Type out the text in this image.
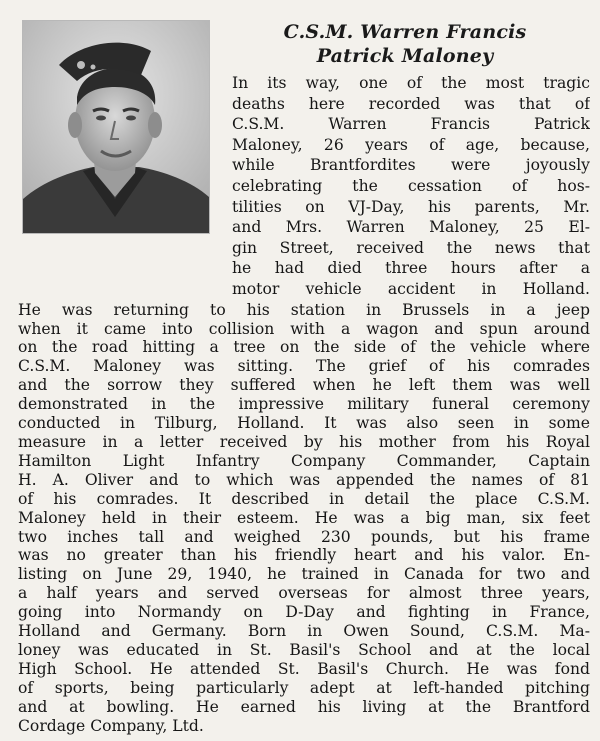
C.S.M. Warren Francis
Patrick Maloney
In its way, one of the most tragic
deaths here recorded was that of
C.S.M. Warren Francis Patrick
Maloney, 26 years of age, because,
while Brantfordites were joyously
celebrating the cessation of hos-
tilities on VJ-Day, his parents, Mr.
and Mrs. Warren Maloney, 25 El-
gin Street, received the news that
he had died three hours after a
motor vehicle accident in Holland.
He was returning to his station in Brussels in a jeep
when it came into collision with a wagon and spun around
on the road hitting a tree on the side of the vehicle where
C.S.M. Maloney was sitting. The grief of his comrades
and the sorrow they suffered when he left them was well
demonstrated in the impressive military funeral ceremony
conducted in Tilburg, Holland. It was also seen in some
measure in a letter received by his mother from his Royal
Hamilton Light Infantry Company Commander, Captain
H. A. Oliver and to which was appended the names of 81
of his comrades. It described in detail the place C.S.M.
Maloney held in their esteem. He was a big man, six feet
two inches tall and weighed 230 pounds, but his frame
was no greater than his friendly heart and his valor. En-
listing on June 29, 1940, he trained in Canada for two and
a half years and served overseas for almost three years,
going into Normandy on D-Day and fighting in France,
Holland and Germany. Born in Owen Sound, C.S.M. Ma-
loney was educated in St. Basil's School and at the local
High School. He attended St. Basil's Church. He was fond
of sports, being particularly adept at left-handed pitching
and at bowling. He earned his living at the Brantford
Cordage Company, Ltd.
